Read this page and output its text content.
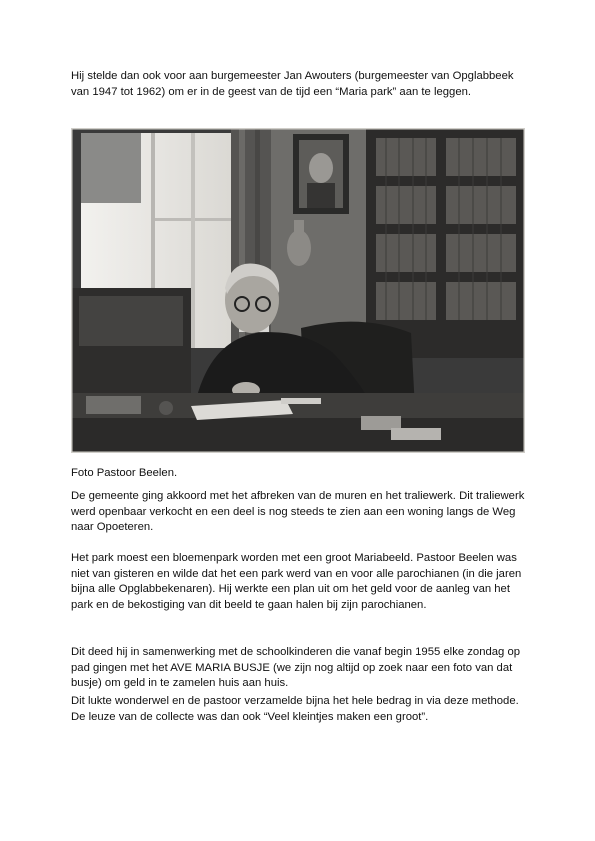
Hij stelde dan ook voor aan burgemeester Jan Awouters (burgemeester van Opglabbeek van 1947 tot 1962) om er in de geest van de tijd een “Maria park” aan te leggen.

Foto Pastoor Beelen.

De gemeente ging akkoord met het afbreken van de muren en het traliewerk. Dit traliewerk werd openbaar verkocht en een deel is nog steeds te zien aan een woning langs de Weg naar Opoeteren.

Het park moest een bloemenpark worden met een groot Mariabeeld. Pastoor Beelen was niet van gisteren en wilde dat het een park werd van en voor alle parochianen (in die jaren bijna alle Opglabbekenaren). Hij werkte een plan uit om het geld voor de aanleg van het park en de bekostiging van dit beeld te gaan halen bij zijn parochianen.

Dit deed hij in samenwerking met de schoolkinderen die vanaf begin 1955 elke zondag op pad gingen met het AVE MARIA BUSJE (we zijn nog altijd op zoek naar een foto van dat busje) om geld in te zamelen huis aan huis.

Dit lukte wonderwel en de pastoor verzamelde bijna het hele bedrag in via deze methode. De leuze van de collecte was dan ook “Veel kleintjes maken een groot”.
